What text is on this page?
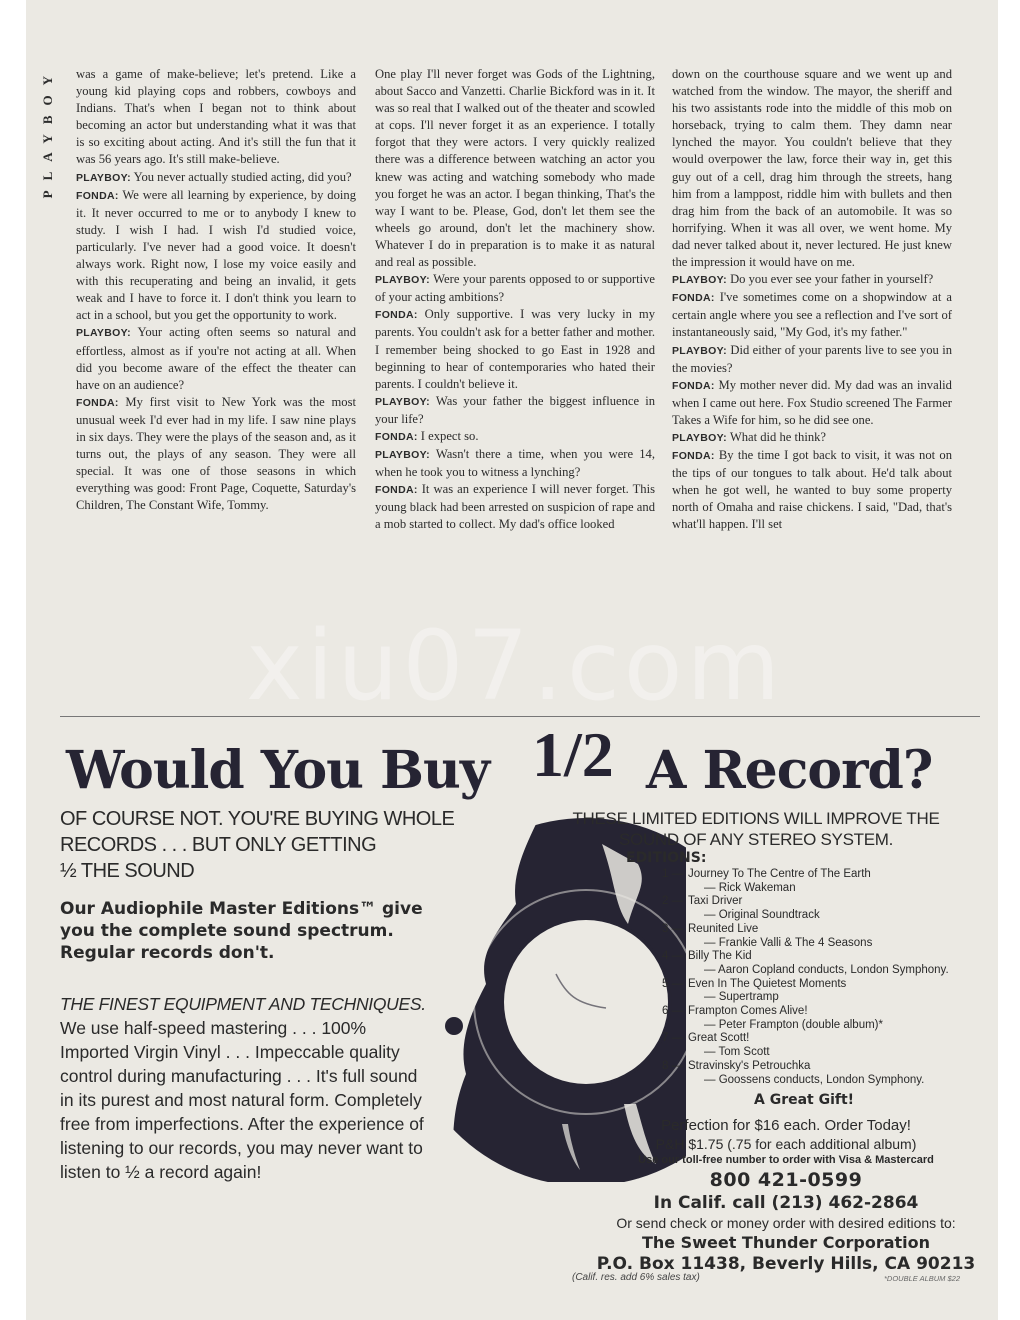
PLAYBOY was a game of make-believe; let's pretend. Like a young kid playing cops and robbers, cowboys and Indians. That's when I began not to think about becoming an actor but understanding what it was that is so exciting about acting. And it's still the fun that it was 56 years ago. It's still make-believe.

PLAYBOY: You never actually studied acting, did you?

FONDA: We were all learning by experience, by doing it. It never occurred to me or to anybody I knew to study. I wish I had. I wish I'd studied voice, particularly. I've never had a good voice. It doesn't always work. Right now, I lose my voice easily and with this recuperating and being an invalid, it gets weak and I have to force it. I don't think you learn to act in a school, but you get the opportunity to work.

PLAYBOY: Your acting often seems so natural and effortless, almost as if you're not acting at all. When did you become aware of the effect the theater can have on an audience?

FONDA: My first visit to New York was the most unusual week I'd ever had in my life. I saw nine plays in six days. They were the plays of the season and, as it turns out, the plays of any season. They were all special. It was one of those seasons in which everything was good: Front Page, Coquette, Saturday's Children, The Constant Wife, Tommy.

One play I'll never forget was Gods of the Lightning, about Sacco and Vanzetti. Charlie Bickford was in it. It was so real that I walked out of the theater and scowled at cops. I'll never forget it as an experience. I totally forgot that they were actors. I very quickly realized there was a difference between watching an actor you knew was acting and watching somebody who made you forget he was an actor. I began thinking, That's the way I want to be. Please, God, don't let them see the wheels go around, don't let the machinery show. Whatever I do in preparation is to make it as natural and real as possible.

PLAYBOY: Were your parents opposed to or supportive of your acting ambitions?

FONDA: Only supportive. I was very lucky in my parents. You couldn't ask for a better father and mother. I remember being shocked to go East in 1928 and beginning to hear of contemporaries who hated their parents. I couldn't believe it.

PLAYBOY: Was your father the biggest influence in your life?

FONDA: I expect so.

PLAYBOY: Wasn't there a time, when you were 14, when he took you to witness a lynching?

FONDA: It was an experience I will never forget. This young black had been arrested on suspicion of rape and a mob started to collect. My dad's office looked

down on the courthouse square and we went up and watched from the window. The mayor, the sheriff and his two assistants rode into the middle of this mob on horseback, trying to calm them. They damn near lynched the mayor. You couldn't believe that they would overpower the law, force their way in, get this guy out of a cell, drag him through the streets, hang him from a lamppost, riddle him with bullets and then drag him from the back of an automobile. It was so horrifying. When it was all over, we went home. My dad never talked about it, never lectured. He just knew the impression it would have on me.

PLAYBOY: Do you ever see your father in yourself?

FONDA: I've sometimes come on a shopwindow at a certain angle where you see a reflection and I've sort of instantaneously said, "My God, it's my father."

PLAYBOY: Did either of your parents live to see you in the movies?

FONDA: My mother never did. My dad was an invalid when I came out here. Fox Studio screened The Farmer Takes a Wife for him, so he did see one.

PLAYBOY: What did he think?

FONDA: By the time I got back to visit, it was not on the tips of our tongues to talk about. He'd talk about when he got well, he wanted to buy some property north of Omaha and raise chickens. I said, "Dad, that's what'll happen. I'll set

xiu07.com
Would You Buy 1/2 A Record?
OF COURSE NOT. YOU'RE BUYING WHOLE
RECORDS . . . BUT ONLY GETTING
½ THE SOUND
Our Audiophile Master Editions™ give you the complete sound spectrum. Regular records don't.
THE FINEST EQUIPMENT AND TECHNIQUES.
We use half-speed mastering . . . 100% Imported Virgin Vinyl . . . Impeccable quality control during manufacturing . . . It's full sound in its purest and most natural form. Completely free from imperfections. After the experience of listening to our records, you may never want to listen to ½ a record again!
THESE LIMITED EDITIONS WILL IMPROVE THE SOUND OF ANY STEREO SYSTEM.
EDITIONS:
1 — Journey To The Centre of The Earth
— Rick Wakeman
2 — Taxi Driver
— Original Soundtrack
3 — Reunited Live
— Frankie Valli & The 4 Seasons
4 — Billy The Kid
— Aaron Copland conducts, London Symphony.
5 — Even In The Quietest Moments
— Supertramp
6 — Frampton Comes Alive!
— Peter Frampton (double album)*
7 — Great Scott!
— Tom Scott
8 — Stravinsky's Petrouchka
— Goossens conducts, London Symphony.
A Great Gift!
Perfection for $16 each. Order Today!
P&H $1.75 (.75 for each additional album)
Use our toll-free number to order with Visa & Mastercard
800 421-0599
In Calif. call (213) 462-2864
Or send check or money order with desired editions to:
The Sweet Thunder Corporation
P.O. Box 11438, Beverly Hills, CA 90213
(Calif. res. add 6% sales tax)	*DOUBLE ALBUM $22
